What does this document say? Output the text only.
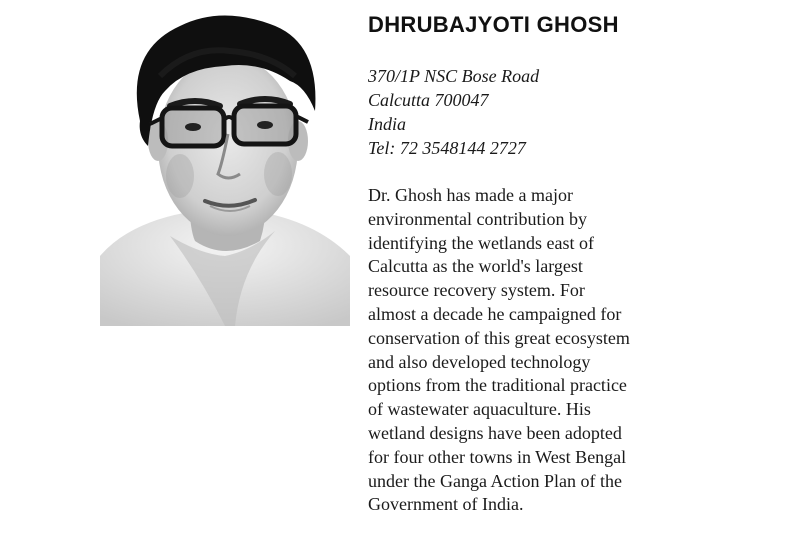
DHRUBAJYOTI GHOSH
370/1P NSC Bose Road
Calcutta 700047
India
Tel: 72 3548144 2727
Dr. Ghosh has made a major
environmental contribution by
identifying the wetlands east of
Calcutta as the world's largest
resource recovery system. For
almost a decade he campaigned for
conservation of this great ecosystem
and also developed technology
options from the traditional practice
of wastewater aquaculture. His
wetland designs have been adopted
for four other towns in West Bengal
under the Ganga Action Plan of the
Government of India.
